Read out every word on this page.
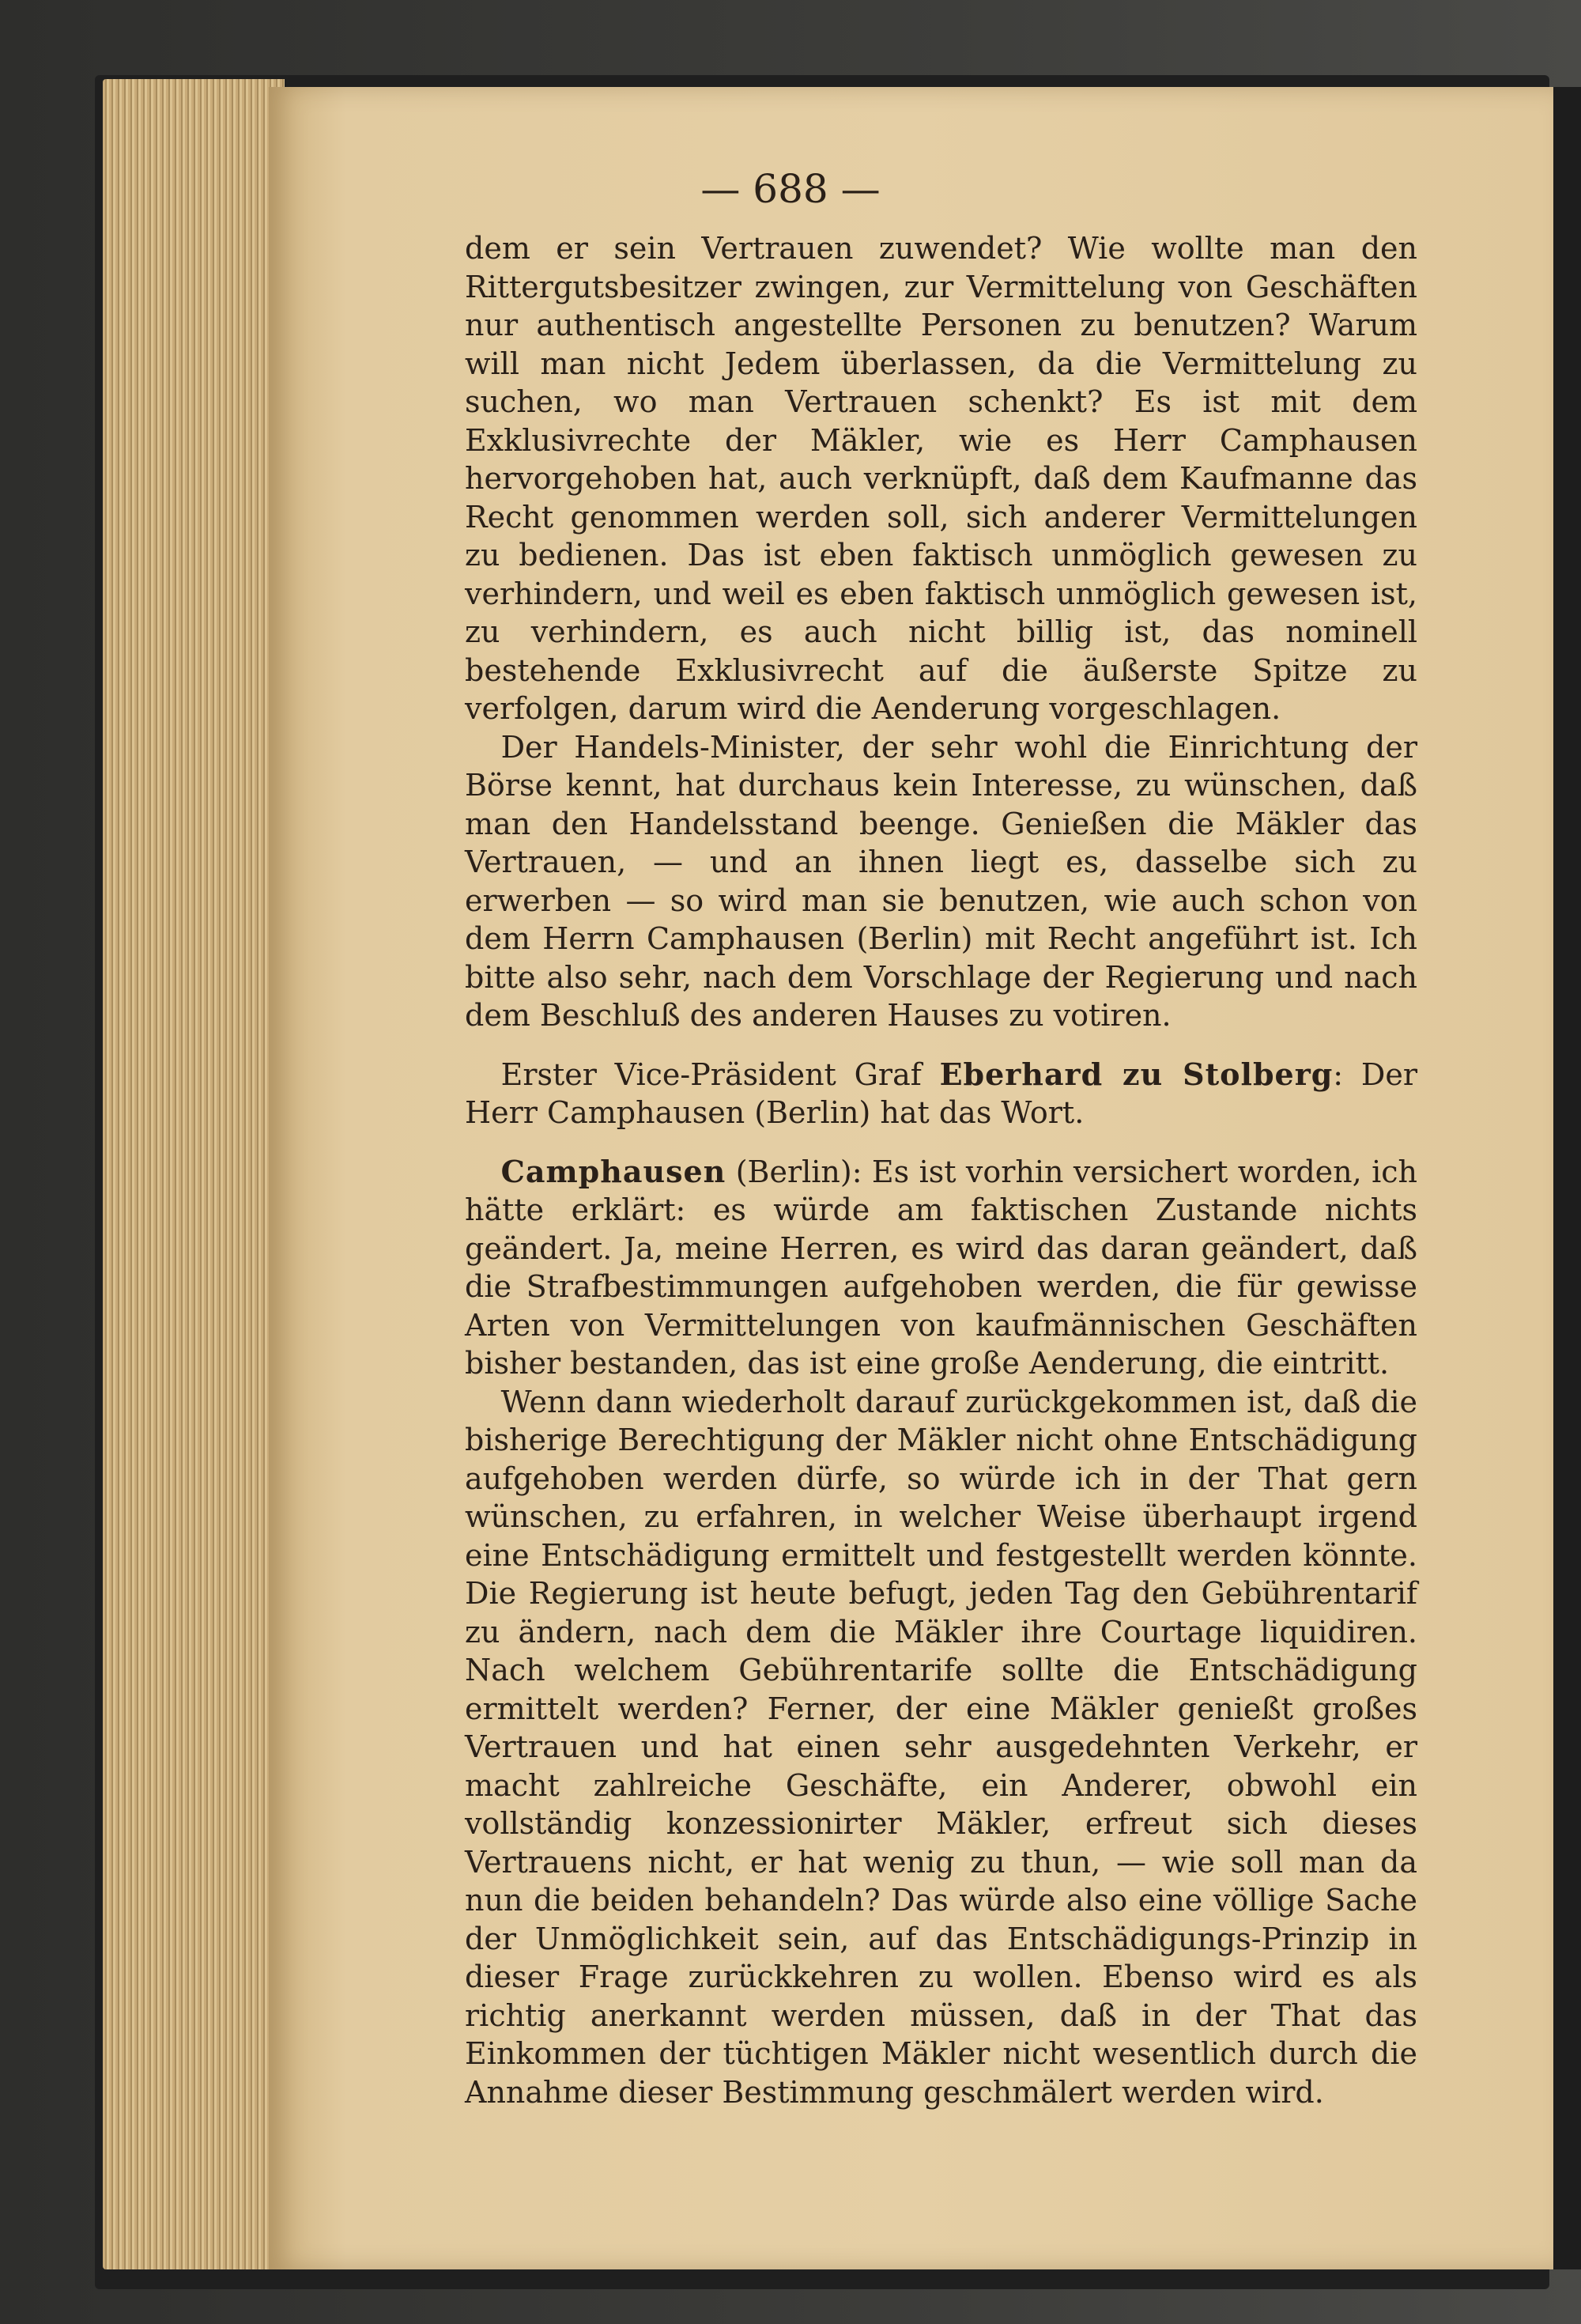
— 688 —

dem er sein Vertrauen zuwendet? Wie wollte man den Rittergutsbesitzer zwingen, zur Vermittelung von Geschäften nur authentisch angestellte Personen zu benutzen? Warum will man nicht Jedem überlassen, da die Vermittelung zu suchen, wo man Vertrauen schenkt? Es ist mit dem Exklusivrechte der Mäkler, wie es Herr Camphausen hervorgehoben hat, auch verknüpft, daß dem Kaufmanne das Recht genommen werden soll, sich anderer Vermittelungen zu bedienen. Das ist eben faktisch unmöglich gewesen zu verhindern, und weil es eben faktisch unmöglich gewesen ist, zu verhindern, es auch nicht billig ist, das nominell bestehende Exklusivrecht auf die äußerste Spitze zu verfolgen, darum wird die Aenderung vorgeschlagen.

Der Handels-Minister, der sehr wohl die Einrichtung der Börse kennt, hat durchaus kein Interesse, zu wünschen, daß man den Handelsstand beenge. Genießen die Mäkler das Vertrauen, — und an ihnen liegt es, dasselbe sich zu erwerben — so wird man sie benutzen, wie auch schon von dem Herrn Camphausen (Berlin) mit Recht angeführt ist. Ich bitte also sehr, nach dem Vorschlage der Regierung und nach dem Beschluß des anderen Hauses zu votiren.

Erster Vice-Präsident Graf Eberhard zu Stolberg: Der Herr Camphausen (Berlin) hat das Wort.

Camphausen (Berlin): Es ist vorhin versichert worden, ich hätte erklärt: es würde am faktischen Zustande nichts geändert. Ja, meine Herren, es wird das daran geändert, daß die Strafbestimmungen aufgehoben werden, die für gewisse Arten von Vermittelungen von kaufmännischen Geschäften bisher bestanden, das ist eine große Aenderung, die eintritt.

Wenn dann wiederholt darauf zurückgekommen ist, daß die bisherige Berechtigung der Mäkler nicht ohne Entschädigung aufgehoben werden dürfe, so würde ich in der That gern wünschen, zu erfahren, in welcher Weise überhaupt irgend eine Entschädigung ermittelt und festgestellt werden könnte. Die Regierung ist heute befugt, jeden Tag den Gebührentarif zu ändern, nach dem die Mäkler ihre Courtage liquidiren. Nach welchem Gebührentarife sollte die Entschädigung ermittelt werden? Ferner, der eine Mäkler genießt großes Vertrauen und hat einen sehr ausgedehnten Verkehr, er macht zahlreiche Geschäfte, ein Anderer, obwohl ein vollständig konzessionirter Mäkler, erfreut sich dieses Vertrauens nicht, er hat wenig zu thun, — wie soll man da nun die beiden behandeln? Das würde also eine völlige Sache der Unmöglichkeit sein, auf das Entschädigungs-Prinzip in dieser Frage zurückkehren zu wollen. Ebenso wird es als richtig anerkannt werden müssen, daß in der That das Einkommen der tüchtigen Mäkler nicht wesentlich durch die Annahme dieser Bestimmung geschmälert werden wird.
